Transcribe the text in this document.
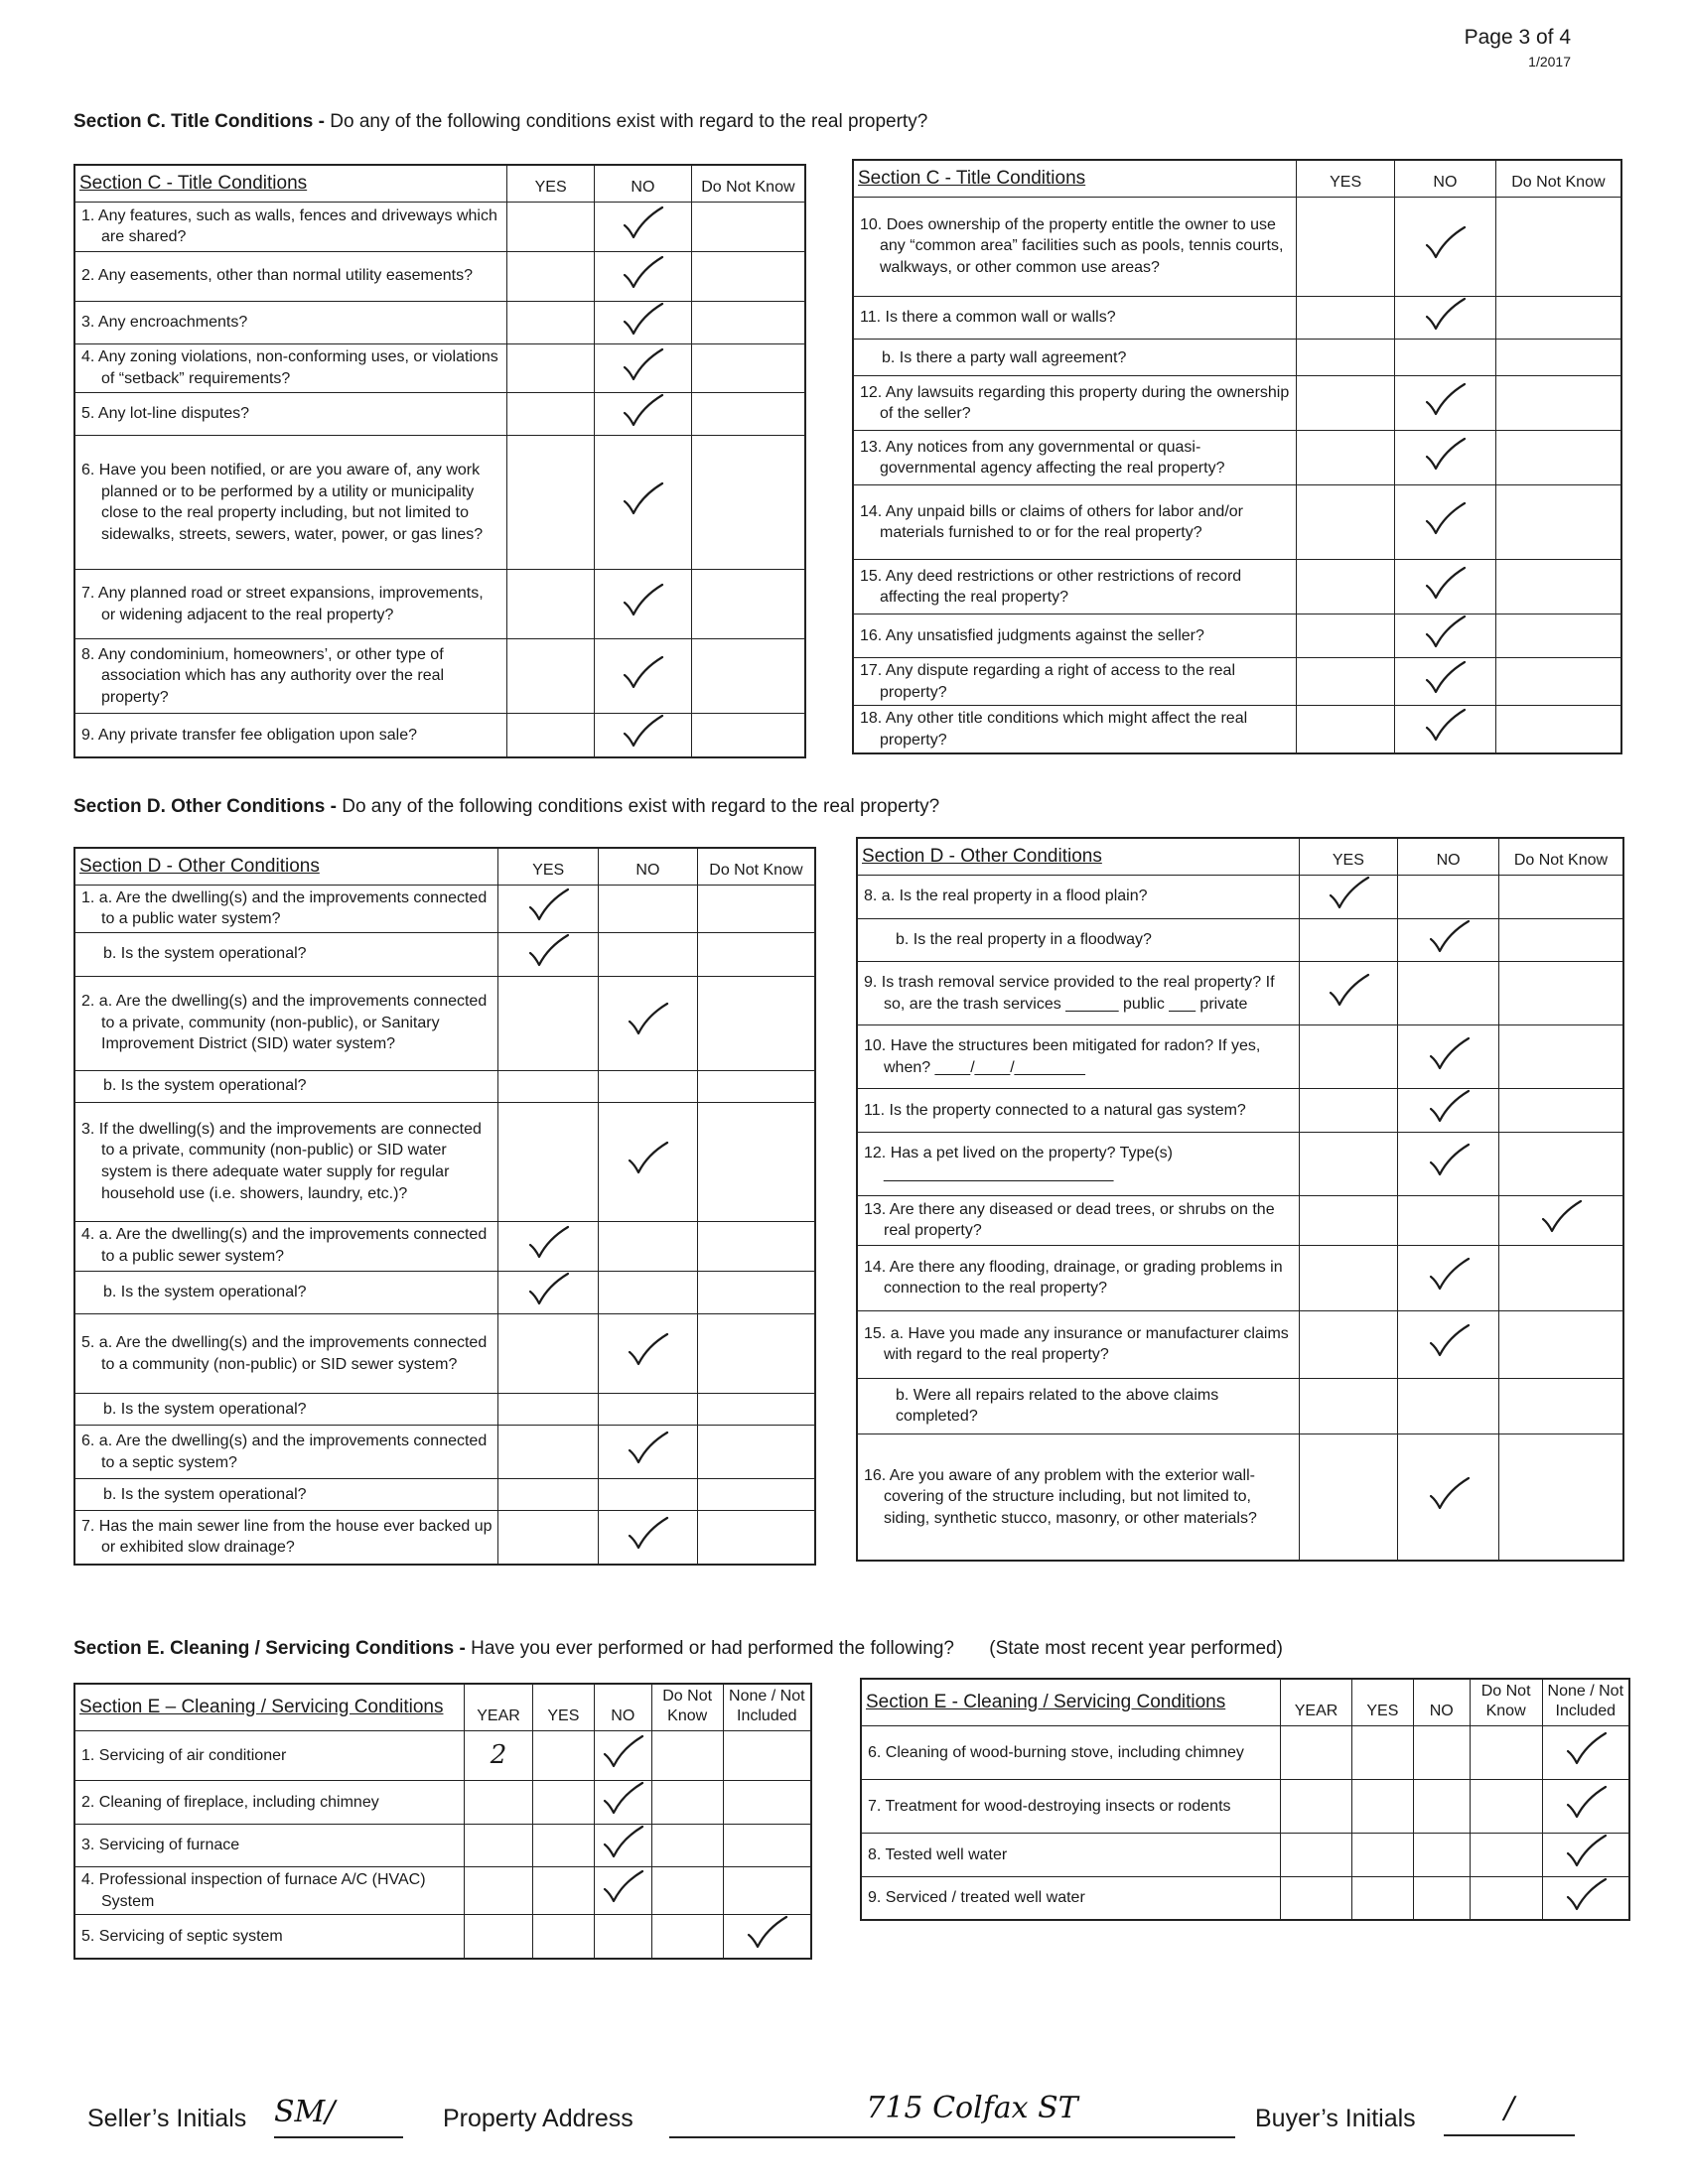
Page 3 of 4
1/2017
Section C. Title Conditions - Do any of the following conditions exist with regard to the real property?
Section C - Title Conditions	YES	NO	Do Not Know

1. Any features, such as walls, fences and driveways which are shared?

2. Any easements, other than normal utility easements?

3. Any encroachments?

4. Any zoning violations, non-conforming uses, or violations of “setback” requirements?

5. Any lot-line disputes?

6. Have you been notified, or are you aware of, any work planned or to be performed by a utility or municipality close to the real property including, but not limited to sidewalks, streets, sewers, water, power, or gas lines?

7. Any planned road or street expansions, improvements, or widening adjacent to the real property?

8. Any condominium, homeowners’, or other type of association which has any authority over the real property?

9. Any private transfer fee obligation upon sale?

Section C - Title Conditions	YES	NO	Do Not Know

10. Does ownership of the property entitle the owner to use any “common area” facilities such as pools, tennis courts, walkways, or other common use areas?

11. Is there a common wall or walls?

b. Is there a party wall agreement?			

12. Any lawsuits regarding this property during the ownership of the seller?

13. Any notices from any governmental or quasi-governmental agency affecting the real property?

14. Any unpaid bills or claims of others for labor and/or materials furnished to or for the real property?

15. Any deed restrictions or other restrictions of record affecting the real property?

16. Any unsatisfied judgments against the seller?

17. Any dispute regarding a right of access to the real property?

18. Any other title conditions which might affect the real property?

Section D. Other Conditions - Do any of the following conditions exist with regard to the real property?
Section D - Other Conditions	YES	NO	Do Not Know

1. a. Are the dwelling(s) and the improvements connected to a public water system?

b. Is the system operational?

2. a. Are the dwelling(s) and the improvements connected to a private, community (non-public), or Sanitary Improvement District (SID) water system?

b. Is the system operational?			

3. If the dwelling(s) and the improvements are connected to a private, community (non-public) or SID water system is there adequate water supply for regular household use (i.e. showers, laundry, etc.)?

4. a. Are the dwelling(s) and the improvements connected to a public sewer system?

b. Is the system operational?

5. a. Are the dwelling(s) and the improvements connected to a community (non-public) or SID sewer system?

b. Is the system operational?			

6. a. Are the dwelling(s) and the improvements connected to a septic system?

b. Is the system operational?			

7. Has the main sewer line from the house ever backed up or exhibited slow drainage?

Section D - Other Conditions	YES	NO	Do Not Know

8. a. Is the real property in a flood plain?

b. Is the real property in a floodway?

9. Is trash removal service provided to the real property? If so, are the trash services ______ public ___ private

10. Have the structures been mitigated for radon? If yes, when? ____/____/________

11. Is the property connected to a natural gas system?

12. Has a pet lived on the property? Type(s) __________________________

13. Are there any diseased or dead trees, or shrubs on the real property?

14. Are there any flooding, drainage, or grading problems in connection to the real property?

15. a. Have you made any insurance or manufacturer claims with regard to the real property?

b. Were all repairs related to the above claims completed?			

16. Are you aware of any problem with the exterior wall-covering of the structure including, but not limited to, siding, synthetic stucco, masonry, or other materials?

Section E. Cleaning / Servicing Conditions - Have you ever performed or had performed the following? (State most recent year performed)
Section E – Cleaning / Servicing Conditions	YEAR	YES	NO	Do Not Know	None / Not Included

1. Servicing of air conditioner	2				

2. Cleaning of fireplace, including chimney

3. Servicing of furnace

4. Professional inspection of furnace A/C (HVAC) System

5. Servicing of septic system

Section E - Cleaning / Servicing Conditions	YEAR	YES	NO	Do Not Know	None / Not Included

6. Cleaning of wood-burning stove, including chimney

7. Treatment for wood-destroying insects or rodents

8. Tested well water

9. Serviced / treated well water

Seller’s Initials SM/	Property Address	715 Colfax ST	Buyer’s Initials	/
